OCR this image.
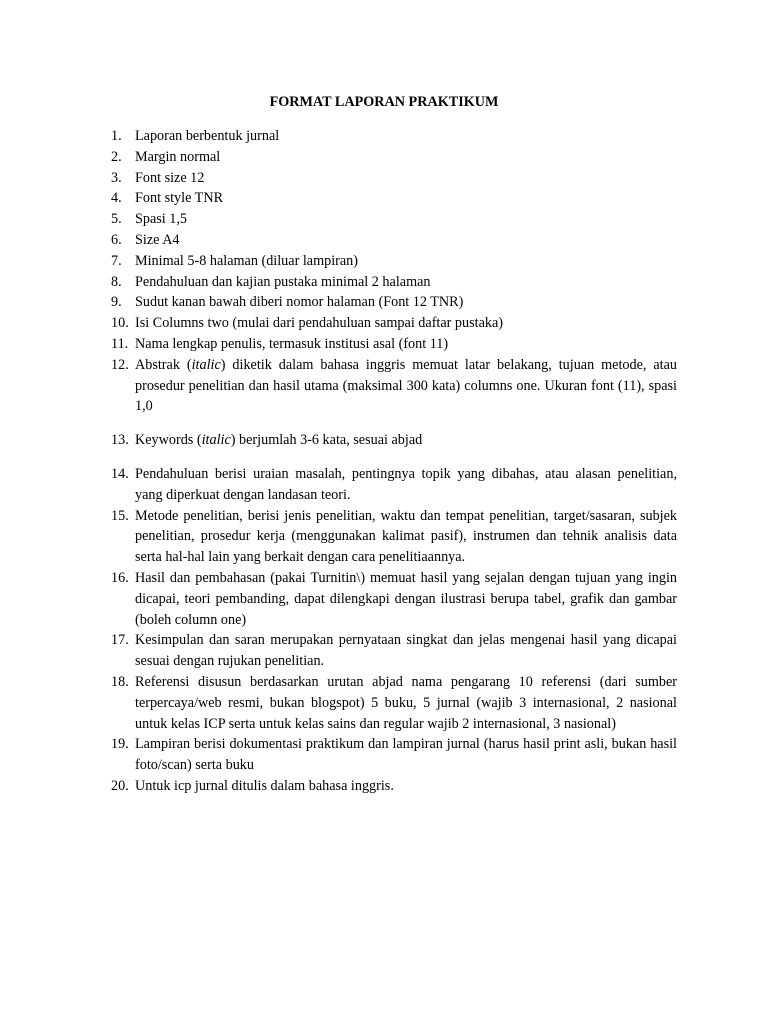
FORMAT LAPORAN PRAKTIKUM
1. Laporan berbentuk jurnal
2. Margin normal
3. Font size 12
4. Font style TNR
5. Spasi 1,5
6. Size A4
7. Minimal 5-8 halaman (diluar lampiran)
8. Pendahuluan dan kajian pustaka minimal 2 halaman
9. Sudut kanan bawah diberi nomor halaman (Font 12 TNR)
10. Isi Columns two (mulai dari pendahuluan sampai daftar pustaka)
11. Nama lengkap penulis, termasuk institusi asal (font 11)
12. Abstrak (italic) diketik dalam bahasa inggris memuat latar belakang, tujuan metode, atau prosedur penelitian dan hasil utama (maksimal 300 kata) columns one. Ukuran font (11), spasi 1,0
13. Keywords (italic) berjumlah 3-6 kata, sesuai abjad
14. Pendahuluan berisi uraian masalah, pentingnya topik yang dibahas, atau alasan penelitian, yang diperkuat dengan landasan teori.
15. Metode penelitian, berisi jenis penelitian, waktu dan tempat penelitian, target/sasaran, subjek penelitian, prosedur kerja (menggunakan kalimat pasif), instrumen dan tehnik analisis data serta hal-hal lain yang berkait dengan cara penelitiaannya.
16. Hasil dan pembahasan (pakai Turnitin\) memuat hasil yang sejalan dengan tujuan yang ingin dicapai, teori pembanding, dapat dilengkapi dengan ilustrasi berupa tabel, grafik dan gambar (boleh column one)
17. Kesimpulan dan saran merupakan pernyataan singkat dan jelas mengenai hasil yang dicapai sesuai dengan rujukan penelitian.
18. Referensi disusun berdasarkan urutan abjad nama pengarang 10 referensi (dari sumber terpercaya/web resmi, bukan blogspot) 5 buku, 5 jurnal (wajib 3 internasional, 2 nasional untuk kelas ICP serta untuk kelas sains dan regular wajib 2 internasional, 3 nasional)
19. Lampiran berisi dokumentasi praktikum dan lampiran jurnal (harus hasil print asli, bukan hasil foto/scan) serta buku
20. Untuk icp jurnal ditulis dalam bahasa inggris.
